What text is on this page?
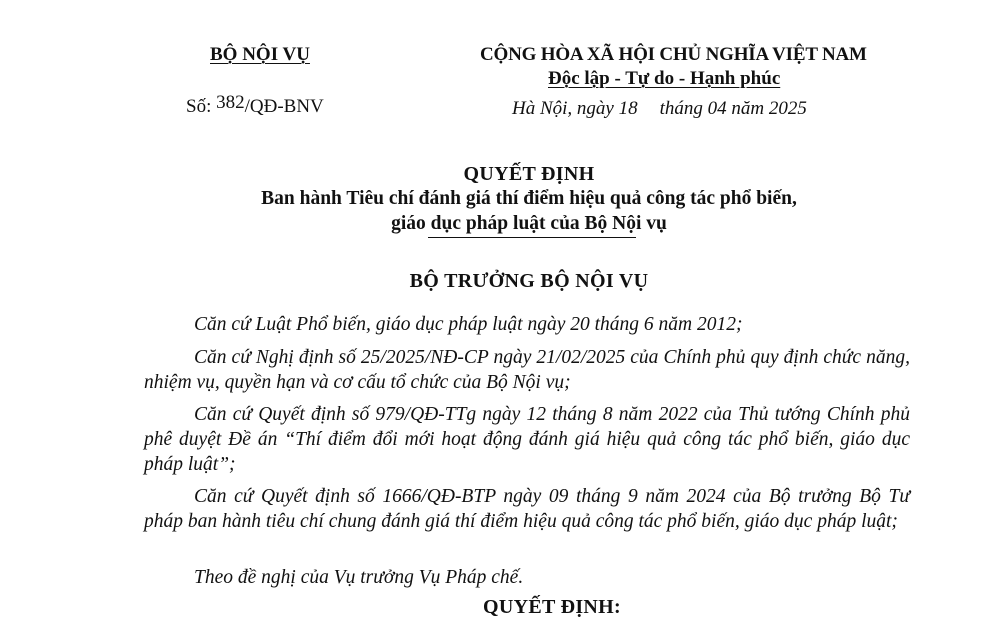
BỘ NỘI VỤ
Số: 382/QĐ-BNV
CỘNG HÒA XÃ HỘI CHỦ NGHĨA VIỆT NAM
Độc lập - Tự do - Hạnh phúc
Hà Nội, ngày 18 tháng 04 năm 2025
QUYẾT ĐỊNH
Ban hành Tiêu chí đánh giá thí điểm hiệu quả công tác phổ biến,
giáo dục pháp luật của Bộ Nội vụ
BỘ TRƯỞNG BỘ NỘI VỤ
Căn cứ Luật Phổ biến, giáo dục pháp luật ngày 20 tháng 6 năm 2012;
Căn cứ Nghị định số 25/2025/NĐ-CP ngày 21/02/2025 của Chính phủ quy định chức năng, nhiệm vụ, quyền hạn và cơ cấu tổ chức của Bộ Nội vụ;
Căn cứ Quyết định số 979/QĐ-TTg ngày 12 tháng 8 năm 2022 của Thủ tướng Chính phủ phê duyệt Đề án “Thí điểm đổi mới hoạt động đánh giá hiệu quả công tác phổ biến, giáo dục pháp luật”;
Căn cứ Quyết định số 1666/QĐ-BTP ngày 09 tháng 9 năm 2024 của Bộ trưởng Bộ Tư pháp ban hành tiêu chí chung đánh giá thí điểm hiệu quả công tác phổ biến, giáo dục pháp luật;
Theo đề nghị của Vụ trưởng Vụ Pháp chế.
QUYẾT ĐỊNH:
